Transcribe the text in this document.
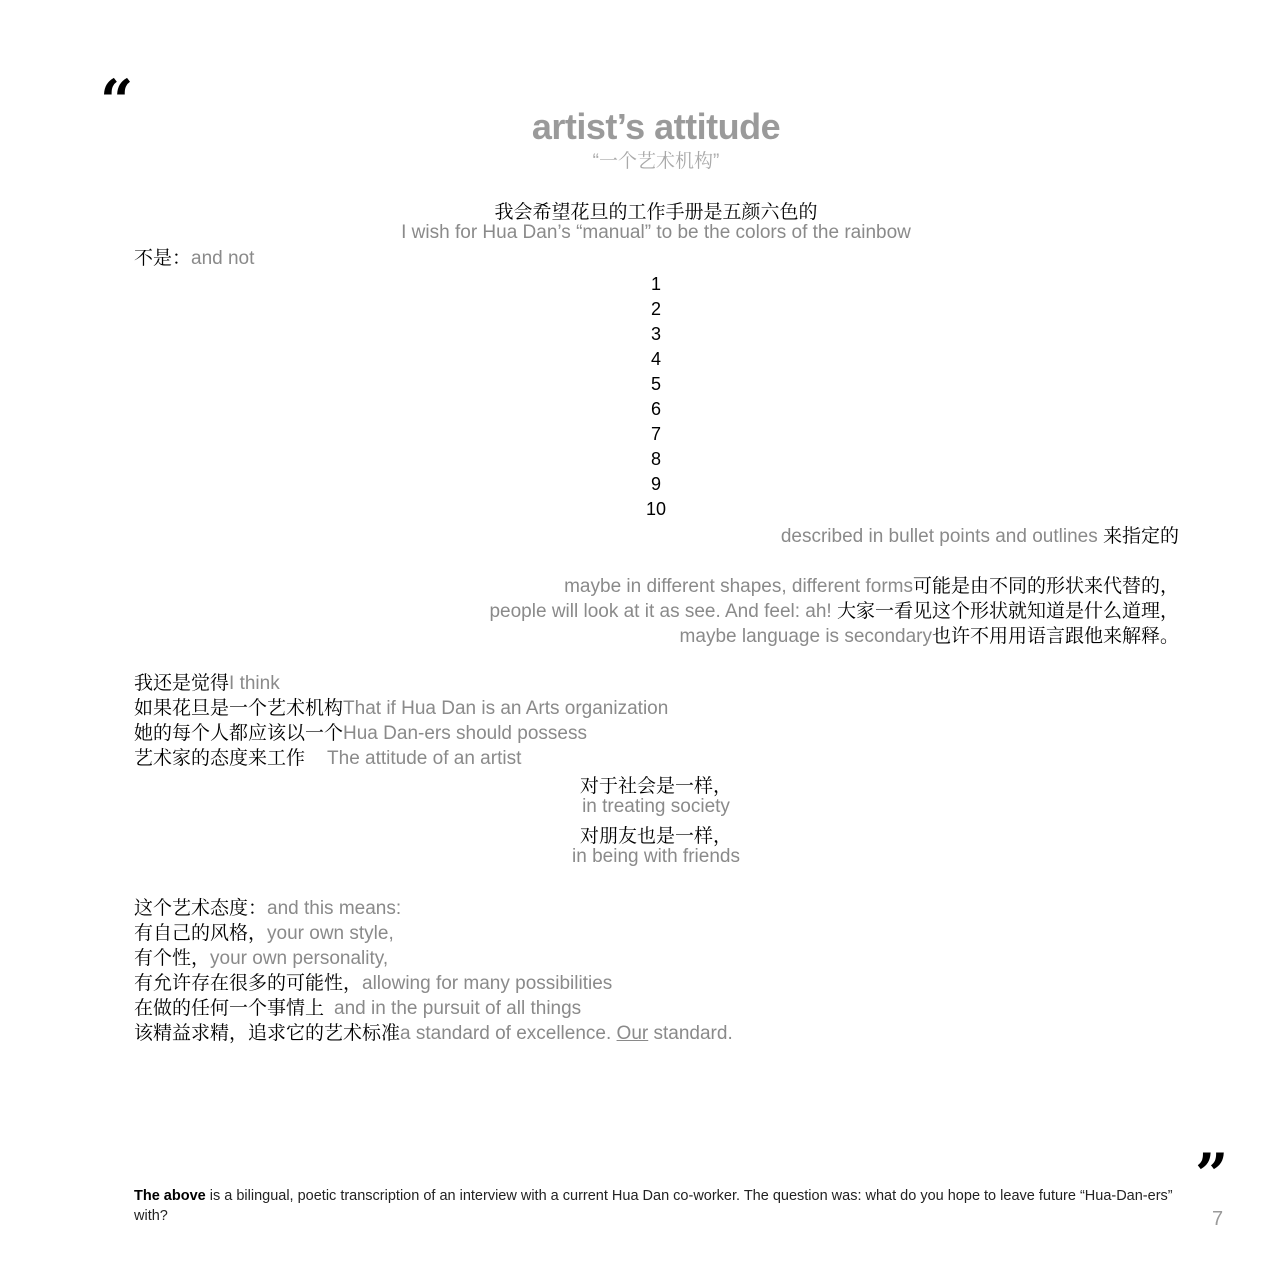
“	artist’s attitude
“一个艺术机构”
我会希望花旦的工作手册是五颜六色的
I wish for Hua Dan’s “manual” to be the colors of the rainbow
不是：and not
1
2
3
4
5
6
7
8
9
10
described in bullet points and outlines 来指定的
maybe in different shapes, different forms可能是由不同的形状来代替的，
people will look at it as see. And feel: ah! 大家一看见这个形状就知道是什么道理，
maybe language is secondary也许不用用语言跟他来解释。
我还是觉得I think
如果花旦是一个艺术机构That if Hua Dan is an Arts organization
她的每个人都应该以一个Hua Dan-ers should possess
艺术家的态度来工作 The attitude of an artist
对于社会是一样，
in treating society
对朋友也是一样，
in being with friends
这个艺术态度：and this means:
有自己的风格，your own style,
有个性，your own personality,
有允许存在很多的可能性，allowing for many possibilities
在做的任何一个事情上 and in the pursuit of all things
该精益求精，追求它的艺术标准a standard of excellence. Our standard.
”
The above is a bilingual, poetic transcription of an interview with a current Hua Dan co-worker. The question was: what do you hope to leave future “Hua-Dan-ers” with?	7
